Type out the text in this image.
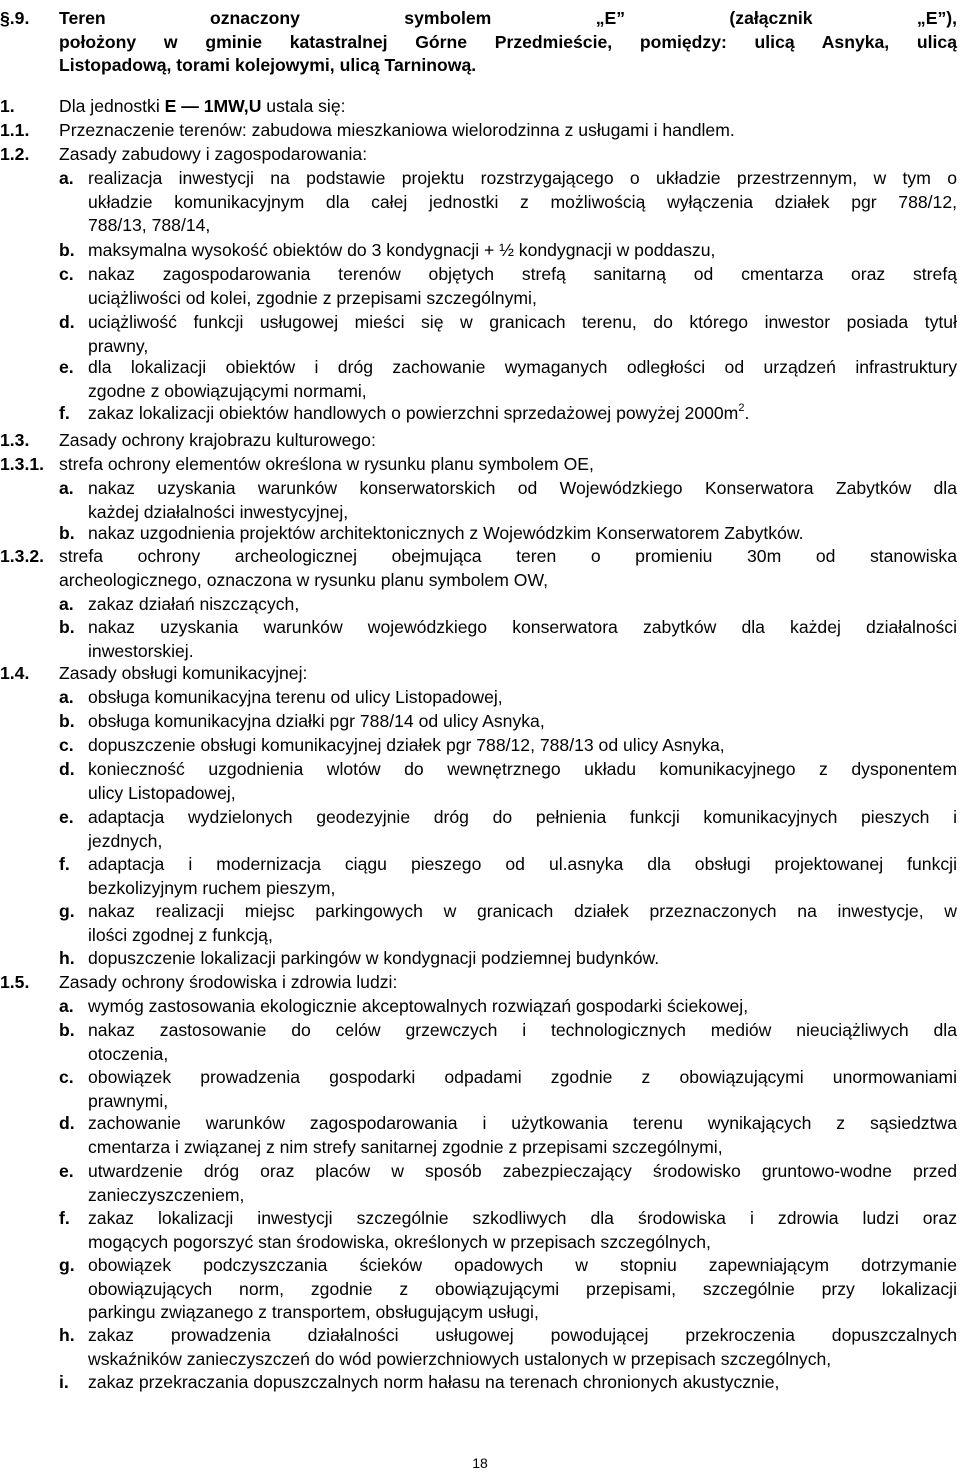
§.9. Teren oznaczony symbolem „E” (załącznik „E”),
położony w gminie katastralnej Górne Przedmieście, pomiędzy: ulicą Asnyka, ulicą
Listopadową, torami kolejowymi, ulicą Tarninową.
1.	Dla jednostki E — 1MW,U ustala się:
1.1. Przeznaczenie terenów: zabudowa mieszkaniowa wielorodzinna z usługami i handlem.
1.2. Zasady zabudowy i zagospodarowania:
a. realizacja inwestycji na podstawie projektu rozstrzygającego o układzie przestrzennym, w tym o
układzie komunikacyjnym dla całej jednostki z możliwością wyłączenia działek pgr 788/12,
788/13, 788/14,
b. maksymalna wysokość obiektów do 3 kondygnacji + ½ kondygnacji w poddaszu,
c. nakaz zagospodarowania terenów objętych strefą sanitarną od cmentarza oraz strefą
uciążliwości od kolei, zgodnie z przepisami szczególnymi,
d. uciążliwość funkcji usługowej mieści się w granicach terenu, do którego inwestor posiada tytuł
prawny,
e. dla lokalizacji obiektów i dróg zachowanie wymaganych odległości od urządzeń infrastruktury
zgodne z obowiązującymi normami,
f. zakaz lokalizacji obiektów handlowych o powierzchni sprzedażowej powyżej $2000m^2$.
1.3. Zasady ochrony krajobrazu kulturowego:
1.3.1. strefa ochrony elementów określona w rysunku planu symbolem OE,
a. nakaz uzyskania warunków konserwatorskich od Wojewódzkiego Konserwatora Zabytków dla
każdej działalności inwestycyjnej,
b. nakaz uzgodnienia projektów architektonicznych z Wojewódzkim Konserwatorem Zabytków.
1.3.2. strefa ochrony archeologicznej obejmująca teren o promieniu 30m od stanowiska
archeologicznego, oznaczona w rysunku planu symbolem OW,
a. zakaz działań niszczących,
b. nakaz uzyskania warunków wojewódzkiego konserwatora zabytków dla każdej działalności
inwestorskiej.
1.4. Zasady obsługi komunikacyjnej:
a. obsługa komunikacyjna terenu od ulicy Listopadowej,
b. obsługa komunikacyjna działki pgr 788/14 od ulicy Asnyka,
c. dopuszczenie obsługi komunikacyjnej działek pgr 788/12, 788/13 od ulicy Asnyka,
d. konieczność uzgodnienia wlotów do wewnętrznego układu komunikacyjnego z dysponentem
ulicy Listopadowej,
e. adaptacja wydzielonych geodezyjnie dróg do pełnienia funkcji komunikacyjnych pieszych i
jezdnych,
f. adaptacja i modernizacja ciągu pieszego od ul.asnyka dla obsługi projektowanej funkcji
bezkolizyjnym ruchem pieszym,
g. nakaz realizacji miejsc parkingowych w granicach działek przeznaczonych na inwestycje, w
ilości zgodnej z funkcją,
h. dopuszczenie lokalizacji parkingów w kondygnacji podziemnej budynków.
1.5. Zasady ochrony środowiska i zdrowia ludzi:
a. wymóg zastosowania ekologicznie akceptowalnych rozwiązań gospodarki ściekowej,
b. nakaz zastosowanie do celów grzewczych i technologicznych mediów nieuciążliwych dla
otoczenia,
c. obowiązek prowadzenia gospodarki odpadami zgodnie z obowiązującymi unormowaniami
prawnymi,
d. zachowanie warunków zagospodarowania i użytkowania terenu wynikających z sąsiedztwa
cmentarza i związanej z nim strefy sanitarnej zgodnie z przepisami szczególnymi,
e. utwardzenie dróg oraz placów w sposób zabezpieczający środowisko gruntowo-wodne przed
zanieczyszczeniem,
f. zakaz lokalizacji inwestycji szczególnie szkodliwych dla środowiska i zdrowia ludzi oraz
mogących pogorszyć stan środowiska, określonych w przepisach szczególnych,
g. obowiązek podczyszczania ścieków opadowych w stopniu zapewniającym dotrzymanie
obowiązujących norm, zgodnie z obowiązującymi przepisami, szczególnie przy lokalizacji
parkingu związanego z transportem, obsługującym usługi,
h. zakaz prowadzenia działalności usługowej powodującej przekroczenia dopuszczalnych
wskaźników zanieczyszczeń do wód powierzchniowych ustalonych w przepisach szczególnych,
i. zakaz przekraczania dopuszczalnych norm hałasu na terenach chronionych akustycznie,
18
